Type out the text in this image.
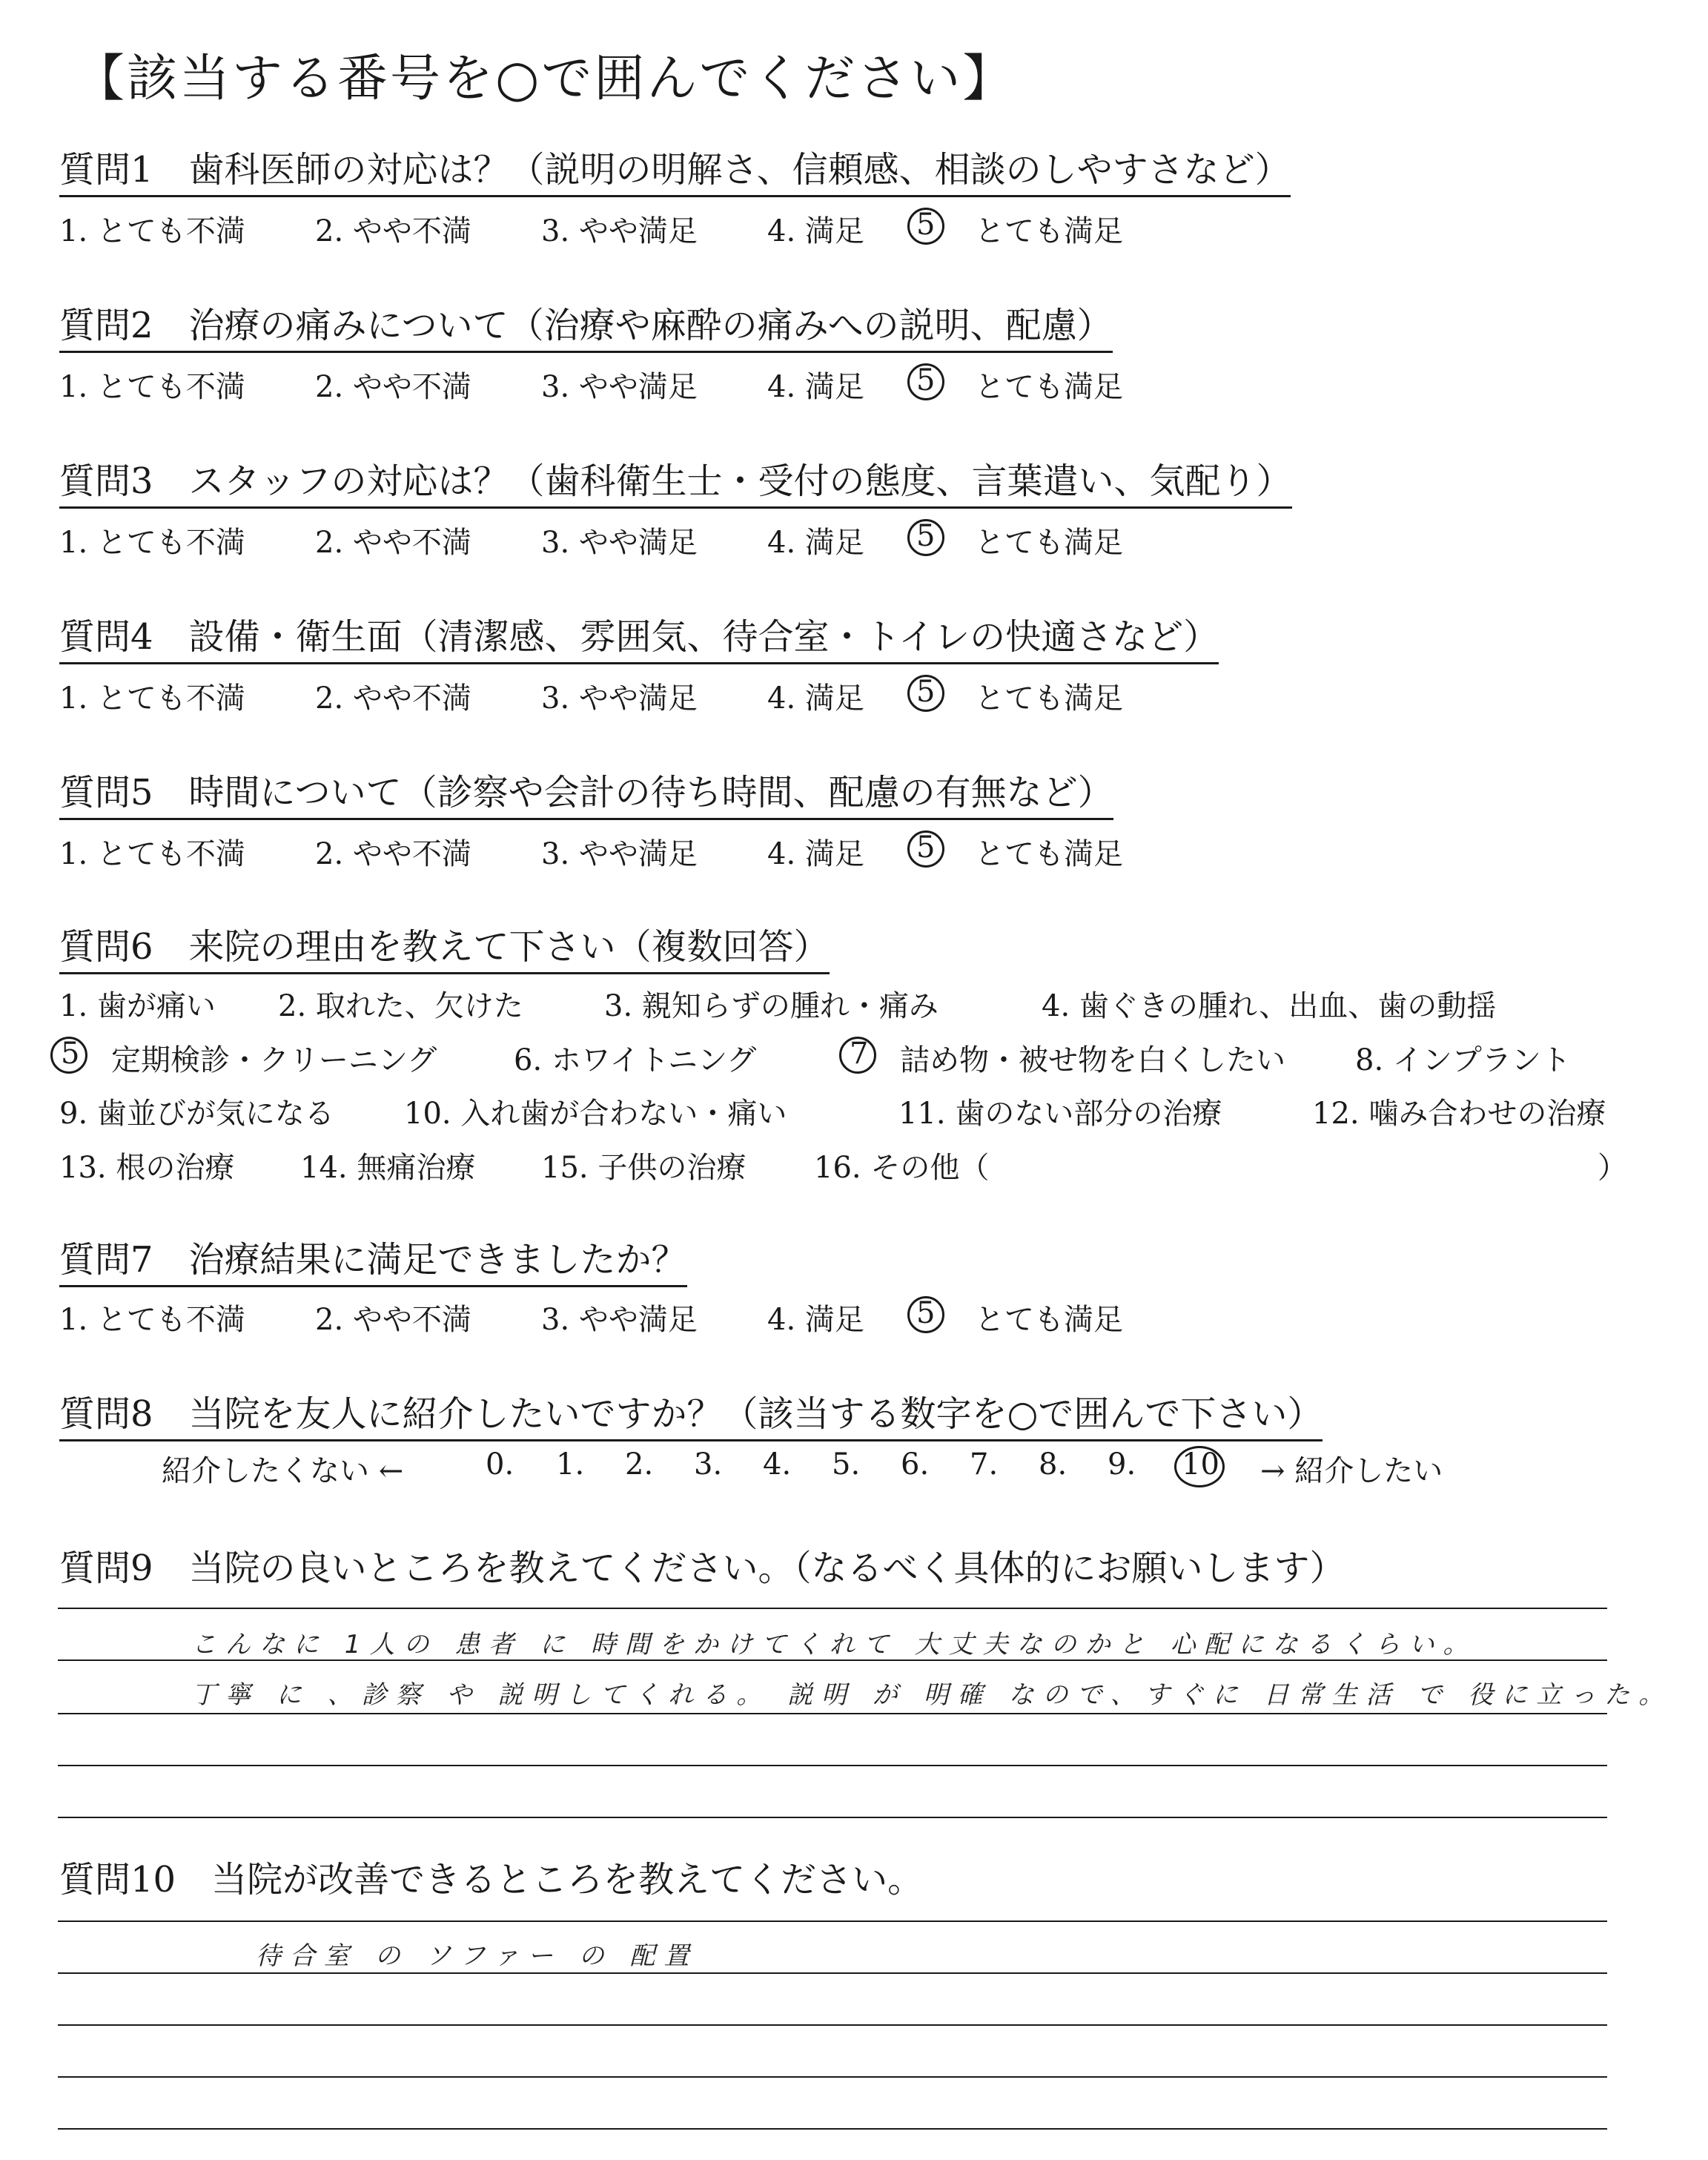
【該当する番号を○で囲んでください】
質問1　歯科医師の対応は？（説明の明解さ、信頼感、相談のしやすさなど）
1. とても不満 2. やや不満 3. やや満足 4. 満足 5 とても満足
質問2　治療の痛みについて（治療や麻酔の痛みへの説明、配慮）
1. とても不満 2. やや不満 3. やや満足 4. 満足 5 とても満足
質問3　スタッフの対応は？（歯科衛生士・受付の態度、言葉遣い、気配り）
1. とても不満 2. やや不満 3. やや満足 4. 満足 5 とても満足
質問4　設備・衛生面（清潔感、雰囲気、待合室・トイレの快適さなど）
1. とても不満 2. やや不満 3. やや満足 4. 満足 5 とても満足
質問5　時間について（診察や会計の待ち時間、配慮の有無など）
1. とても不満 2. やや不満 3. やや満足 4. 満足 5 とても満足
質問6　来院の理由を教えて下さい（複数回答）
1. 歯が痛い 2. 取れた、欠けた	3. 親知らずの腫れ・痛み	4. 歯ぐきの腫れ、出血、歯の動揺
5 定期検診・クリーニング	6. ホワイトニング	7 詰め物・被せ物を白くしたい 8. インプラント
9. 歯並びが気になる 10. 入れ歯が合わない・痛い	11. 歯のない部分の治療	12. 噛み合わせの治療
13. 根の治療 14. 無痛治療 15. 子供の治療 16. その他（	）
質問7　治療結果に満足できましたか？
1. とても不満 2. やや不満 3. やや満足 4. 満足 5 とても満足
質問8　当院を友人に紹介したいですか？（該当する数字を○で囲んで下さい）
紹介したくない ←	0. 1. 2. 3. 4. 5. 6. 7. 8. 9. 10 → 紹介したい
質問9　当院の良いところを教えてください。（なるべく具体的にお願いします）
こんなに 1人の 患者 に 時間をかけてくれて 大丈夫なのかと 心配になるくらい。
丁寧 に 、診察 や 説明してくれる。 説明 が 明確 なので、すぐに 日常生活 で 役に立った。
質問10　当院が改善できるところを教えてください。
待合室 の ソファー の 配置
